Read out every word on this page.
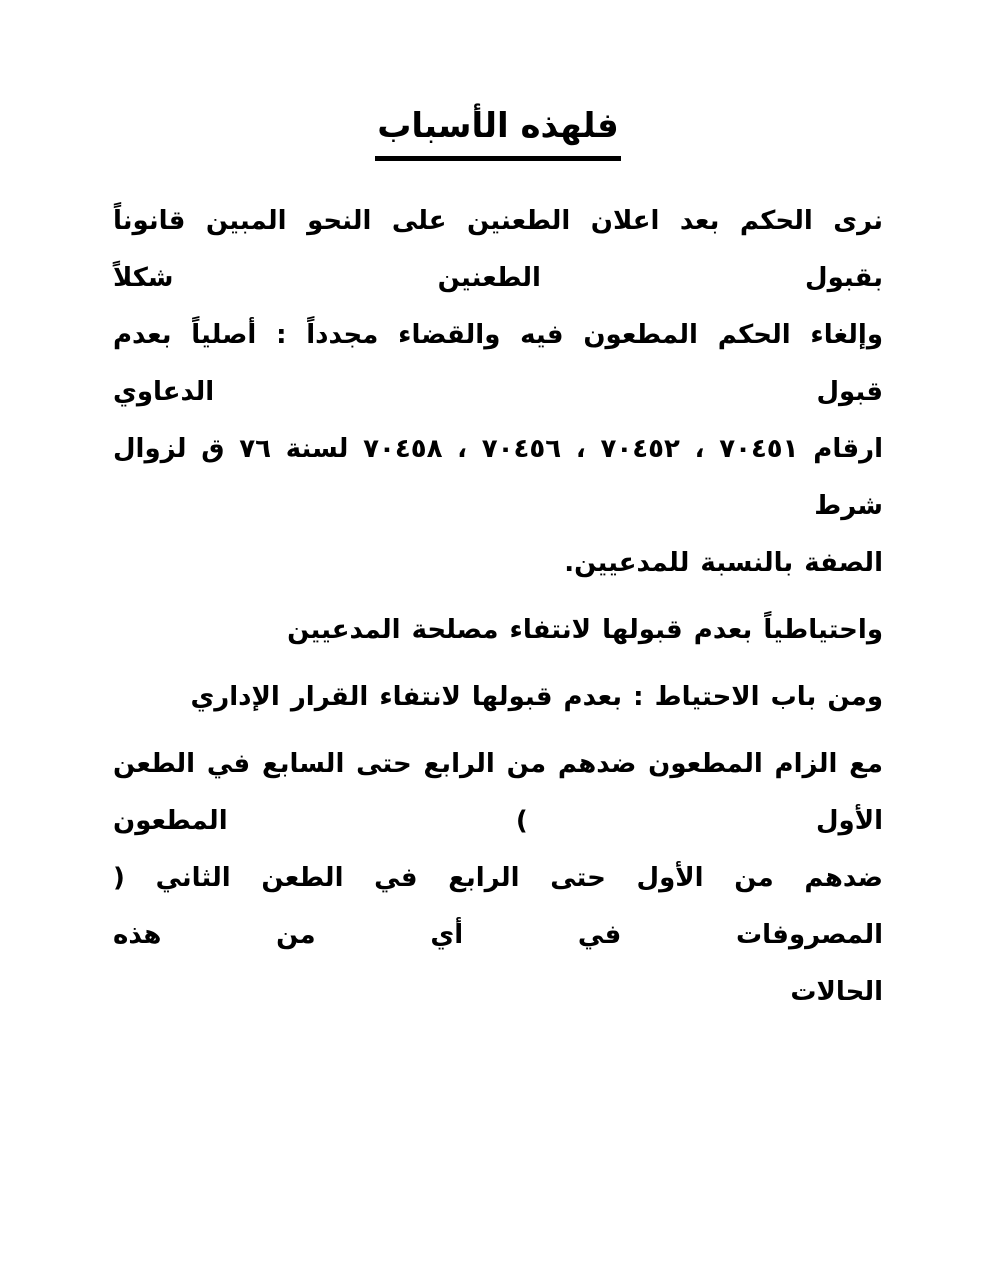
فلهذه الأسباب
نرى الحكم بعد اعلان الطعنين على النحو المبين قانوناً بقبول الطعنين شكلاً
وإلغاء الحكم المطعون فيه والقضاء مجدداً : أصلياً بعدم قبول الدعاوي
ارقام ٧٠٤٥١ ، ٧٠٤٥٢ ، ٧٠٤٥٦ ، ٧٠٤٥٨ لسنة ٧٦ ق لزوال شرط
الصفة بالنسبة للمدعيين.
واحتياطياً بعدم قبولها لانتفاء مصلحة المدعيين
ومن باب الاحتياط : بعدم قبولها لانتفاء القرار الإداري
مع الزام المطعون ضدهم من الرابع حتى السابع في الطعن الأول ) المطعون
ضدهم من الأول حتى الرابع في الطعن الثاني ( المصروفات في أي من هذه
الحالات
